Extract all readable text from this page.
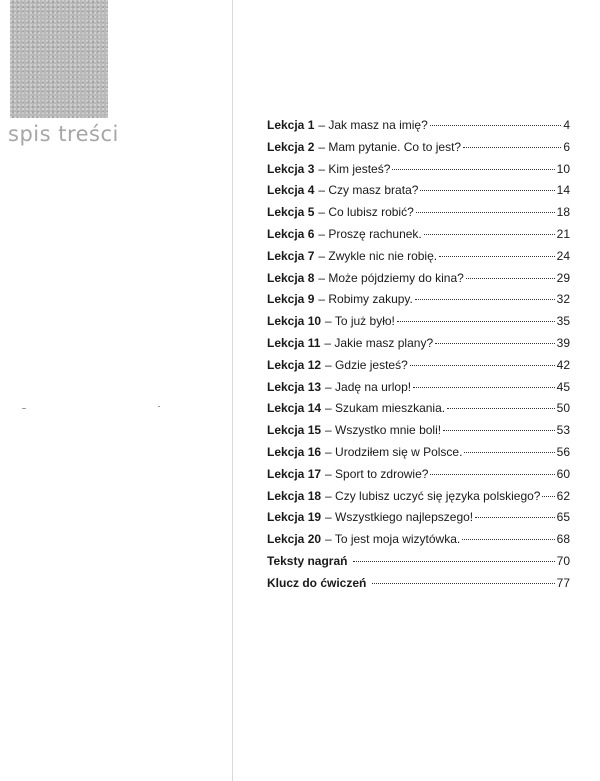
spis treści	Lekcja 1 – Jak masz na imię?	4
Lekcja 2 – Mam pytanie. Co to jest?	6
Lekcja 3 – Kim jesteś?	10
Lekcja 4 – Czy masz brata?	14
Lekcja 5 – Co lubisz robić?	18
Lekcja 6 – Proszę rachunek.	21
Lekcja 7 – Zwykle nic nie robię.	24
Lekcja 8 – Może pójdziemy do kina?	29
Lekcja 9 – Robimy zakupy.	32
Lekcja 10 – To już było!	35
Lekcja 11 – Jakie masz plany?	39
Lekcja 12 – Gdzie jesteś?	42
Lekcja 13 – Jadę na urlop!	45
Lekcja 14 – Szukam mieszkania.	50
Lekcja 15 – Wszystko mnie boli!	53
Lekcja 16 – Urodziłem się w Polsce.	56
Lekcja 17 – Sport to zdrowie?	60
Lekcja 18 – Czy lubisz uczyć się języka polskiego? 62
Lekcja 19 – Wszystkiego najlepszego!	65
Lekcja 20 – To jest moja wizytówka.	68
Teksty nagrań	70
Klucz do ćwiczeń	77
